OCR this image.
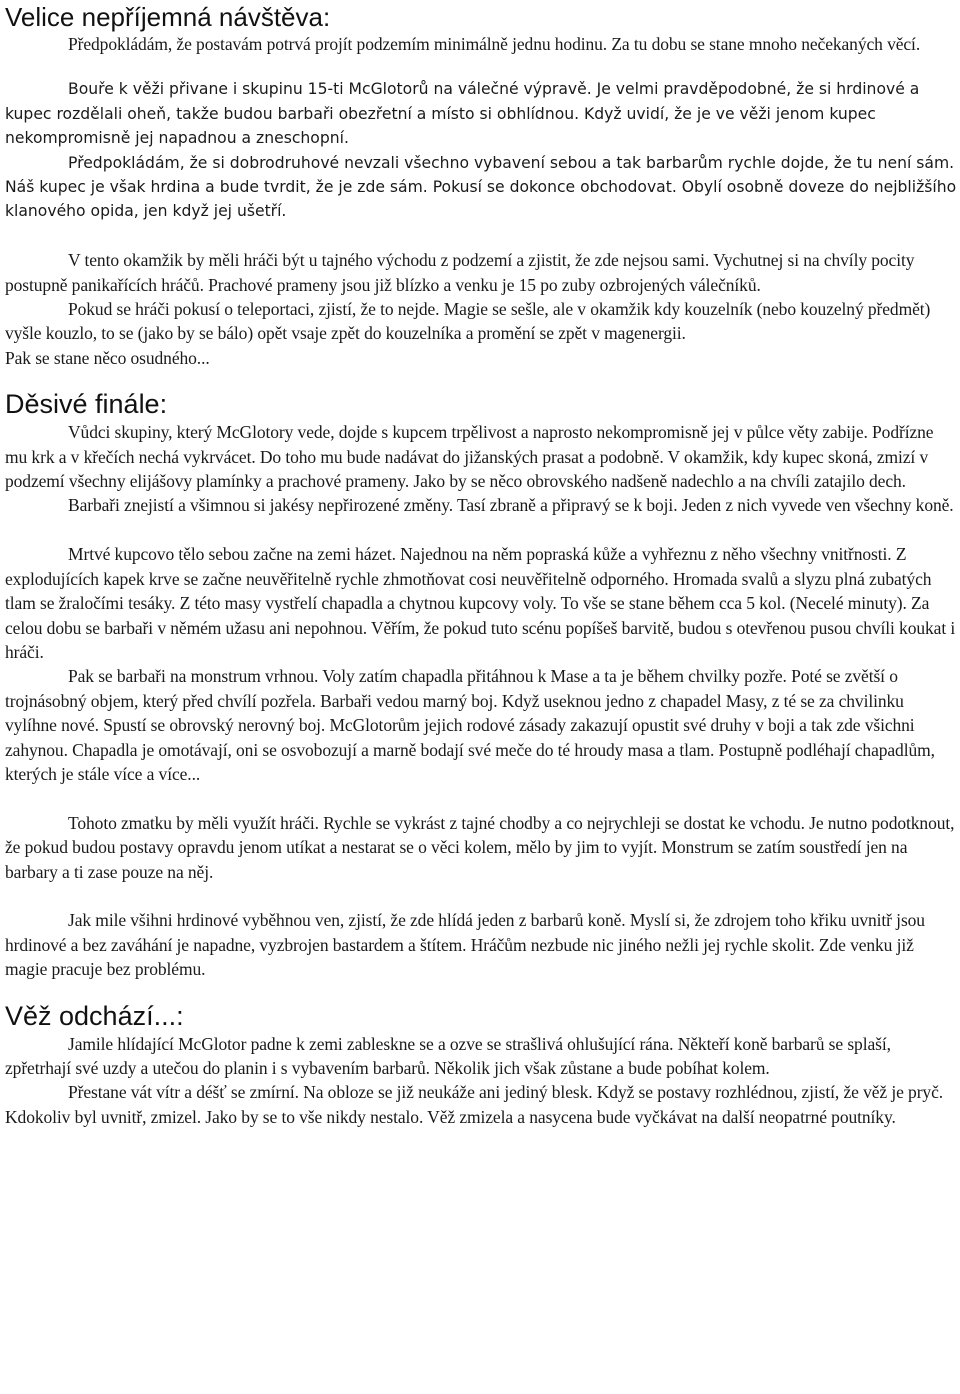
Velice nepříjemná návštěva:

Předpokládám, že postavám potrvá projít podzemím minimálně jednu hodinu. Za tu dobu se stane mnoho nečekaných věcí.

Bouře k věži přivane i skupinu 15-ti McGlotorů na válečné výpravě. Je velmi pravděpodobné, že si hrdinové a kupec rozdělali oheň, takže budou barbaři obezřetní a místo si obhlídnou. Když uvidí, že je ve věži jenom kupec nekompromisně jej napadnou a zneschopní.

Předpokládám, že si dobrodruhové nevzali všechno vybavení sebou a tak barbarům rychle dojde, že tu není sám. Náš kupec je však hrdina a bude tvrdit, že je zde sám. Pokusí se dokonce obchodovat. Obylí osobně doveze do nejbližšího klanového opida, jen když jej ušetří.

V tento okamžik by měli hráči být u tajného východu z podzemí a zjistit, že zde nejsou sami. Vychutnej si na chvíly pocity postupně panikařících hráčů. Prachové prameny jsou již blízko a venku je 15 po zuby ozbrojených válečníků.

Pokud se hráči pokusí o teleportaci, zjistí, že to nejde. Magie se sešle, ale v okamžik kdy kouzelník (nebo kouzelný předmět) vyšle kouzlo, to se (jako by se bálo) opět vsaje zpět do kouzelníka a promění se zpět v magenergii.

Pak se stane něco osudného...

Děsivé finále:

Vůdci skupiny, který McGlotory vede, dojde s kupcem trpělivost a naprosto nekompromisně jej v půlce věty zabije. Podřízne mu krk a v křečích nechá vykrvácet. Do toho mu bude nadávat do jižanských prasat a podobně. V okamžik, kdy kupec skoná, zmizí v podzemí všechny elijášovy plamínky a prachové prameny. Jako by se něco obrovského nadšeně nadechlo a na chvíli zatajilo dech.

Barbaři znejistí a všimnou si jakésy nepřirozené změny. Tasí zbraně a připravý se k boji. Jeden z nich vyvede ven všechny koně.

Mrtvé kupcovo tělo sebou začne na zemi házet. Najednou na něm popraská kůže a vyhřeznu z něho všechny vnitřnosti. Z explodujících kapek krve se začne neuvěřitelně rychle zhmotňovat cosi neuvěřitelně odporného. Hromada svalů a slyzu plná zubatých tlam se žraločími tesáky. Z této masy vystřelí chapadla a chytnou kupcovy voly. To vše se stane během cca 5 kol. (Necelé minuty). Za celou dobu se barbaři v němém užasu ani nepohnou. Věřím, že pokud tuto scénu popíšeš barvitě, budou s otevřenou pusou chvíli koukat i hráči.

Pak se barbaři na monstrum vrhnou. Voly zatím chapadla přitáhnou k Mase a ta je během chvilky pozře. Poté se zvětší o trojnásobný objem, který před chvílí pozřela. Barbaři vedou marný boj. Když useknou jedno z chapadel Masy, z té se za chvilinku vylíhne nové. Spustí se obrovský nerovný boj. McGlotorům jejich rodové zásady zakazují opustit své druhy v boji a tak zde všichni zahynou. Chapadla je omotávají, oni se osvobozují a marně bodají své meče do té hroudy masa a tlam. Postupně podléhají chapadlům, kterých je stále více a více...

Tohoto zmatku by měli využít hráči. Rychle se vykrást z tajné chodby a co nejrychleji se dostat ke vchodu. Je nutno podotknout, že pokud budou postavy opravdu jenom utíkat a nestarat se o věci kolem, mělo by jim to vyjít. Monstrum se zatím soustředí jen na barbary a ti zase pouze na něj.

Jak mile všihni hrdinové vyběhnou ven, zjistí, že zde hlídá jeden z barbarů koně. Myslí si, že zdrojem toho křiku uvnitř jsou hrdinové a bez zaváhání je napadne, vyzbrojen bastardem a štítem. Hráčům nezbude nic jiného nežli jej rychle skolit. Zde venku již magie pracuje bez problému.

Věž odchází...:

Jamile hlídající McGlotor padne k zemi zableskne se a ozve se strašlivá ohlušující rána. Někteří koně barbarů se splaší, zpřetrhají své uzdy a utečou do planin i s vybavením barbarů. Několik jich však zůstane a bude pobíhat kolem.

Přestane vát vítr a déšť se zmírní. Na obloze se již neukáže ani jediný blesk. Když se postavy rozhlédnou, zjistí, že věž je pryč. Kdokoliv byl uvnitř, zmizel. Jako by se to vše nikdy nestalo. Věž zmizela a nasycena bude vyčkávat na další neopatrné poutníky.
